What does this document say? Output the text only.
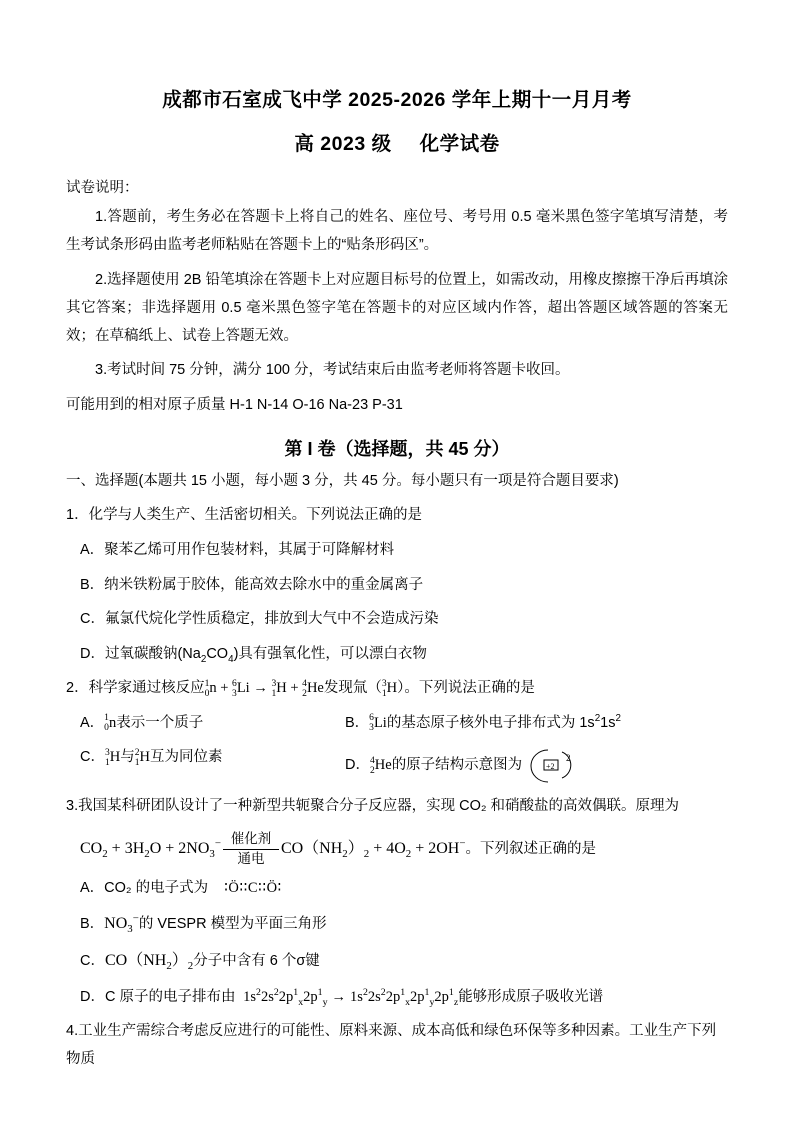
成都市石室成飞中学 2025-2026 学年上期十一月月考
高 2023 级 化学试卷
试卷说明：

1.答题前，考生务必在答题卡上将自己的姓名、座位号、考号用 0.5 毫米黑色签字笔填写清楚，考生考试条形码由监考老师粘贴在答题卡上的“贴条形码区”。

2.选择题使用 2B 铅笔填涂在答题卡上对应题目标号的位置上，如需改动，用橡皮擦擦干净后再填涂其它答案；非选择题用 0.5 毫米黑色签字笔在答题卡的对应区域内作答，超出答题区域答题的答案无效；在草稿纸上、试卷上答题无效。

3.考试时间 75 分钟，满分 100 分，考试结束后由监考老师将答题卡收回。

可能用到的相对原子质量 H-1 N-14 O-16 Na-23 P-31

第 I 卷（选择题，共 45 分）
一、选择题(本题共 15 小题，每小题 3 分，共 45 分。每小题只有一项是符合题目要求)
1．化学与人类生产、生活密切相关。下列说法正确的是
A．聚苯乙烯可用作包装材料，其属于可降解材料
B．纳米铁粉属于胶体，能高效去除水中的重金属离子
C．氟氯代烷化学性质稳定，排放到大气中不会造成污染
D．过氧碳酸钠$(Na_2CO_4)$具有强氧化性，可以漂白衣物
2．科学家通过核反应 1
0 n + 6
3 Li → 3
1 H + 4
2 He发现氚（ 3
1 H）。下列说法正确的是
A． 1
0 n表示一个质子	B． 6
3 Li的基态原子核外电子排布式为 $1s^21s^2$
C． 3
1 H与 2
1 H互为同位素	D． 4
2 He的原子结构示意图为	+2
2
3.我国某科研团队设计了一种新型共轭聚合分子反应器，实现 CO₂ 和硝酸盐的高效偶联。原理为
$CO_2 + 3H_2O + 2NO_3^-$ 催化剂
通电
$CO(NH_2)_2 + 4O_2 + 2OH^-$ 。下列叙述正确的是
A．CO₂ 的电子式为 ∶Ö∶∶C∶∶Ö∶
B．$NO_3^-$的 VESPR 模型为平面三角形
C．$CO(NH_2)_2$分子中含有 6 个σ键
D．C 原子的电子排布由  $1s^22s^22p^1_x2p^1_y \to 1s^22s^22p^1_x2p^1_y2p^1_z$能够形成原子吸收光谱
4.工业生产需综合考虑反应进行的可能性、原料来源、成本高低和绿色环保等多种因素。工业生产下列物质
